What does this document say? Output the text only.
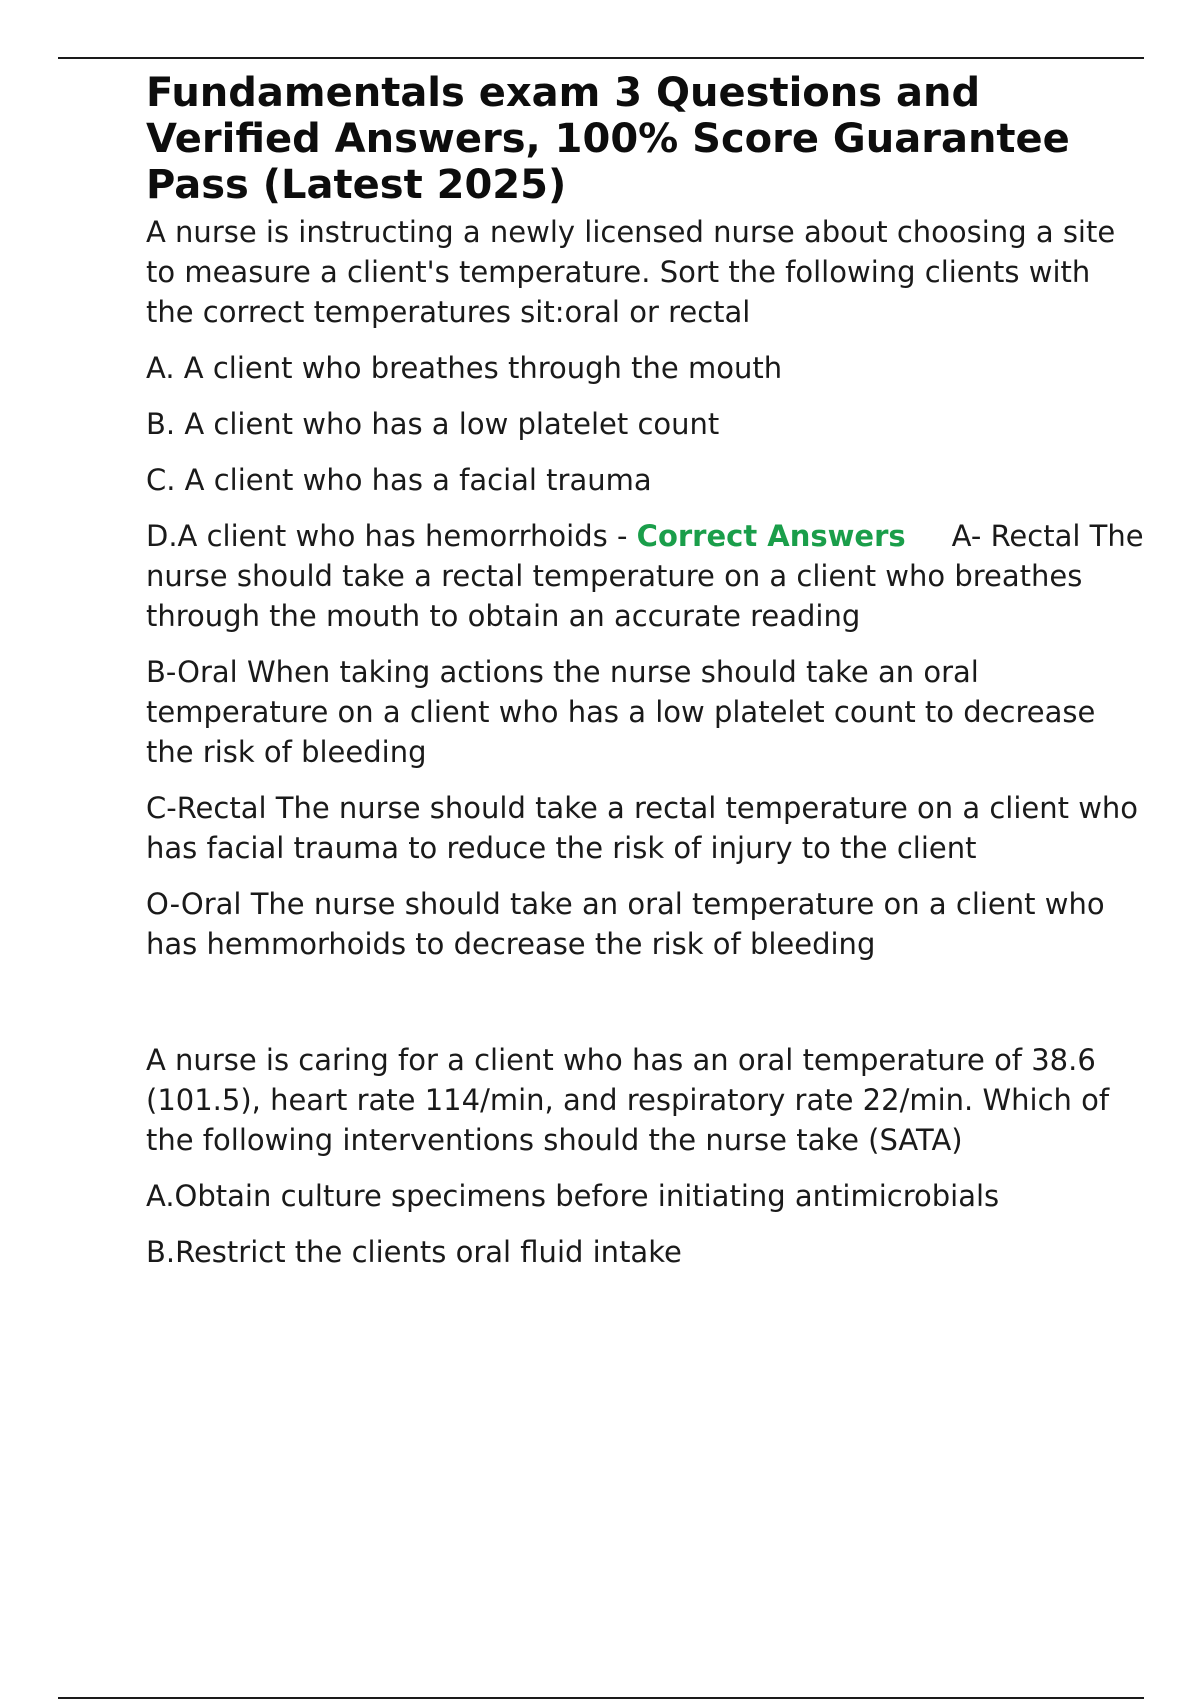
Fundamentals exam 3 Questions and Verified Answers, 100% Score Guarantee Pass (Latest 2025)

A nurse is instructing a newly licensed nurse about choosing a site to measure a client's temperature. Sort the following clients with the correct temperatures sit:oral or rectal

A. A client who breathes through the mouth

B. A client who has a low platelet count

C. A client who has a facial trauma

D.A client who has hemorrhoids - Correct Answers A- Rectal The nurse should take a rectal temperature on a client who breathes through the mouth to obtain an accurate reading

B-Oral When taking actions the nurse should take an oral temperature on a client who has a low platelet count to decrease the risk of bleeding

C-Rectal The nurse should take a rectal temperature on a client who has facial trauma to reduce the risk of injury to the client

O-Oral The nurse should take an oral temperature on a client who has hemmorhoids to decrease the risk of bleeding

A nurse is caring for a client who has an oral temperature of 38.6 (101.5), heart rate 114/min, and respiratory rate 22/min. Which of the following interventions should the nurse take (SATA)

A.Obtain culture specimens before initiating antimicrobials

B.Restrict the clients oral fluid intake
